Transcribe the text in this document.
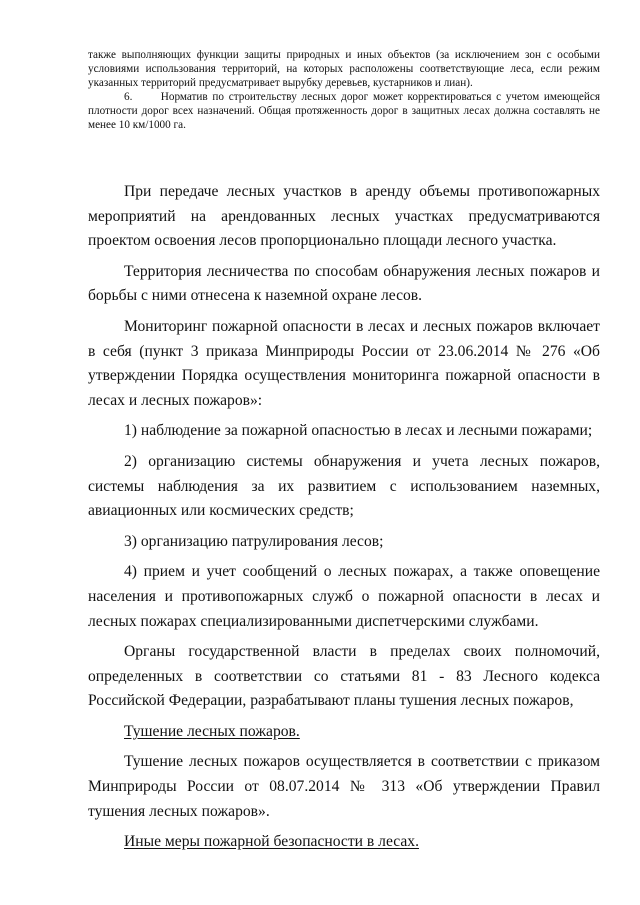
также выполняющих функции защиты природных и иных объектов (за исключением зон с особыми условиями использования территорий, на которых расположены соответствующие леса, если режим указанных территорий предусматривает вырубку деревьев, кустарников и лиан).

6.      Норматив по строительству лесных дорог может корректироваться с учетом имеющейся плотности дорог всех назначений. Общая протяженность дорог в защитных лесах должна составлять не менее 10 км/1000 га.

При передаче лесных участков в аренду объемы противопожарных мероприятий на арендованных лесных участках предусматриваются проектом освоения лесов пропорционально площади лесного участка.

Территория лесничества по способам обнаружения лесных пожаров и борьбы с ними отнесена к наземной охране лесов.

Мониторинг пожарной опасности в лесах и лесных пожаров включает в себя (пункт 3 приказа Минприроды России от 23.06.2014 № 276 «Об утверждении Порядка осуществления мониторинга пожарной опасности в лесах и лесных пожаров»:

1) наблюдение за пожарной опасностью в лесах и лесными пожарами;

2) организацию системы обнаружения и учета лесных пожаров, системы наблюдения за их развитием с использованием наземных, авиационных или космических средств;

3) организацию патрулирования лесов;

4) прием и учет сообщений о лесных пожарах, а также оповещение населения и противопожарных служб о пожарной опасности в лесах и лесных пожарах специализированными диспетчерскими службами.

Органы государственной власти в пределах своих полномочий, определенных в соответствии со статьями 81 - 83 Лесного кодекса Российской Федерации, разрабатывают планы тушения лесных пожаров,

Тушение лесных пожаров.

Тушение лесных пожаров осуществляется в соответствии с приказом Минприроды России от 08.07.2014 № 313 «Об утверждении Правил тушения лесных пожаров».

Иные меры пожарной безопасности в лесах.
